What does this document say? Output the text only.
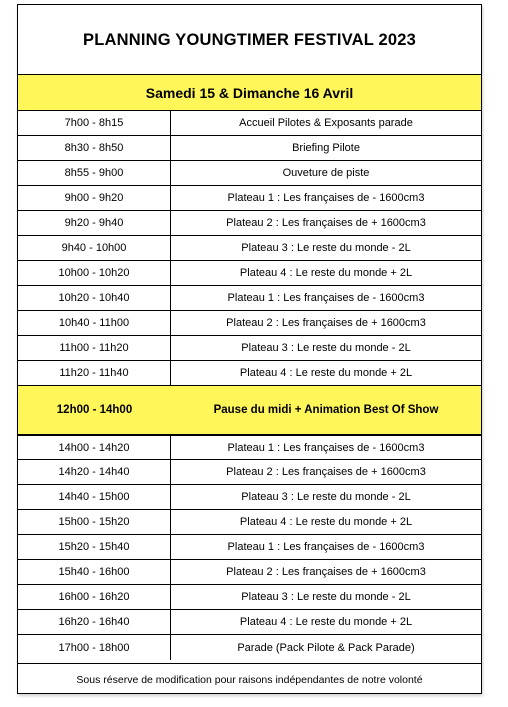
PLANNING YOUNGTIMER FESTIVAL 2023
Samedi 15 & Dimanche 16 Avril
7h00 - 8h15	Accueil Pilotes & Exposants parade
8h30 - 8h50	Briefing Pilote
8h55 - 9h00	Ouveture de piste
9h00 - 9h20	Plateau 1 : Les françaises de - 1600cm3
9h20 - 9h40	Plateau 2 : Les françaises de + 1600cm3
9h40 - 10h00	Plateau 3 : Le reste du monde - 2L
10h00 - 10h20	Plateau 4 : Le reste du monde + 2L
10h20 - 10h40	Plateau 1 : Les françaises de - 1600cm3
10h40 - 11h00	Plateau 2 : Les françaises de + 1600cm3
11h00 - 11h20	Plateau 3 : Le reste du monde - 2L
11h20 - 11h40	Plateau 4 : Le reste du monde + 2L
12h00 - 14h00	Pause du midi + Animation Best Of Show
14h00 - 14h20	Plateau 1 : Les françaises de - 1600cm3
14h20 - 14h40	Plateau 2 : Les françaises de + 1600cm3
14h40 - 15h00	Plateau 3 : Le reste du monde - 2L
15h00 - 15h20	Plateau 4 : Le reste du monde + 2L
15h20 - 15h40	Plateau 1 : Les françaises de - 1600cm3
15h40 - 16h00	Plateau 2 : Les françaises de + 1600cm3
16h00 - 16h20	Plateau 3 : Le reste du monde - 2L
16h20 - 16h40	Plateau 4 : Le reste du monde + 2L
17h00 - 18h00	Parade (Pack Pilote & Pack Parade)
Sous réserve de modification pour raisons indépendantes de notre volonté
